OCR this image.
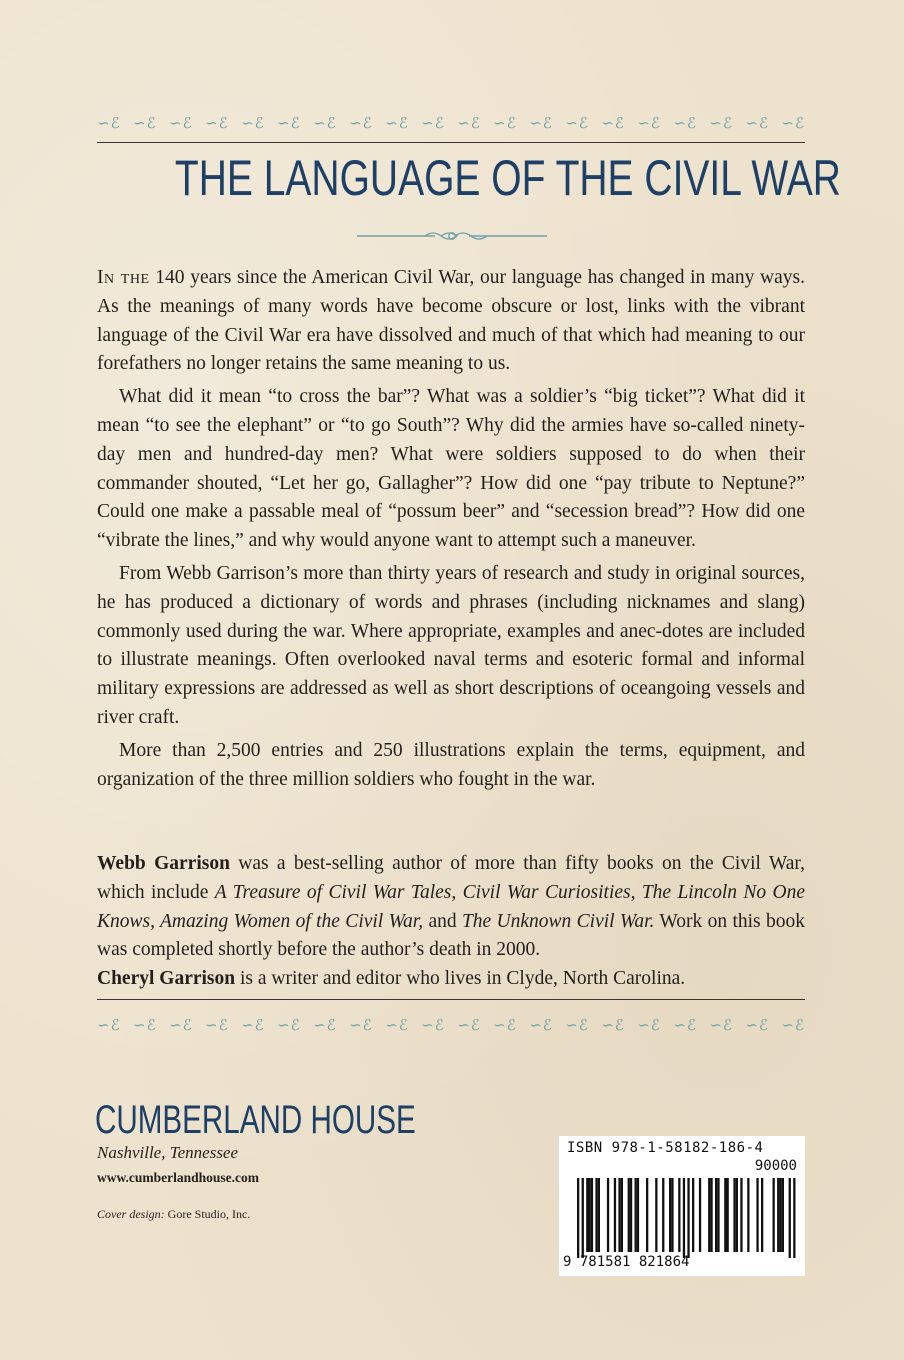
∽ℰ ∽ℰ ∽ℰ ∽ℰ ∽ℰ ∽ℰ ∽ℰ ∽ℰ ∽ℰ ∽ℰ ∽ℰ ∽ℰ ∽ℰ ∽ℰ ∽ℰ ∽ℰ ∽ℰ ∽ℰ ∽ℰ ∽ℰ
THE LANGUAGE OF THE CIVIL WAR

In the 140 years since the American Civil War, our language has changed in many ways. As the meanings of many words have become obscure or lost, links with the vibrant language of the Civil War era have dissolved and much of that which had meaning to our forefathers no longer retains the same meaning to us.

What did it mean “to cross the bar”? What was a soldier’s “big ticket”? What did it mean “to see the elephant” or “to go South”? Why did the armies have so-called ninety-day men and hundred-day men? What were soldiers supposed to do when their commander shouted, “Let her go, Gallagher”? How did one “pay tribute to Neptune?” Could one make a passable meal of “possum beer” and “secession bread”? How did one “vibrate the lines,” and why would anyone want to attempt such a maneuver.

From Webb Garrison’s more than thirty years of research and study in original sources, he has produced a dictionary of words and phrases (including nicknames and slang) commonly used during the war. Where appropriate, examples and anec-dotes are included to illustrate meanings. Often overlooked naval terms and esoteric formal and informal military expressions are addressed as well as short descriptions of oceangoing vessels and river craft.

More than 2,500 entries and 250 illustrations explain the terms, equipment, and organization of the three million soldiers who fought in the war.

Webb Garrison was a best-selling author of more than fifty books on the Civil War, which include A Treasure of Civil War Tales, Civil War Curiosities, The Lincoln No One Knows, Amazing Women of the Civil War, and The Unknown Civil War. Work on this book was completed shortly before the author’s death in 2000.
Cheryl Garrison is a writer and editor who lives in Clyde, North Carolina.
∽ℰ ∽ℰ ∽ℰ ∽ℰ ∽ℰ ∽ℰ ∽ℰ ∽ℰ ∽ℰ ∽ℰ ∽ℰ ∽ℰ ∽ℰ ∽ℰ ∽ℰ ∽ℰ ∽ℰ ∽ℰ ∽ℰ ∽ℰ
CUMBERLAND HOUSE
Nashville, Tennessee
www.cumberlandhouse.com
Cover design: Gore Studio, Inc.
ISBN 978-1-58182-186-4
90000
9 781581 821864
